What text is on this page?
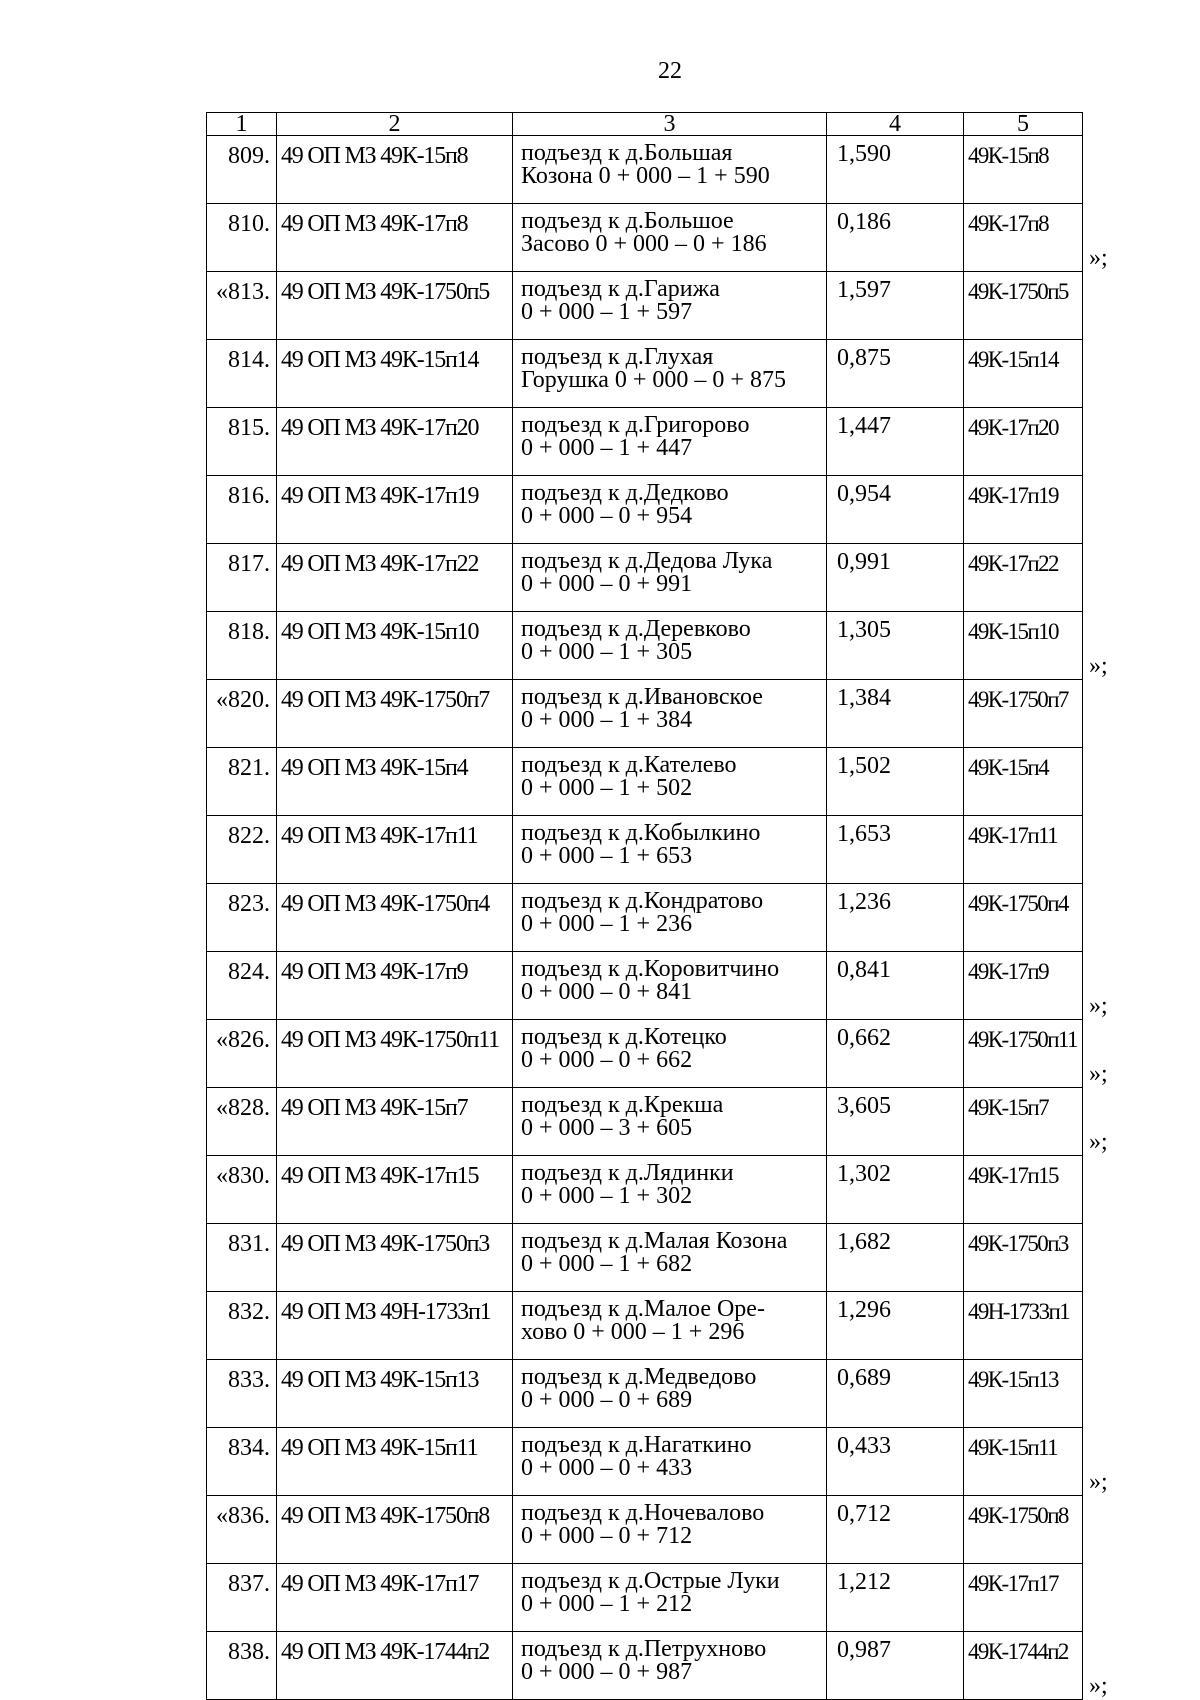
22
1	2	3	4	5	
809.	49 ОП МЗ 49К-15п8	подъезд к д.Большая
Козона 0 + 000 – 1 + 590	1,590	49К-15п8	
810.	49 ОП МЗ 49К-17п8	подъезд к д.Большое
Засово 0 + 000 – 0 + 186	0,186	49К-17п8	»;

«813.	49 ОП МЗ 49К-1750п5	подъезд к д.Гарижа
0 + 000 – 1 + 597	1,597	49К-1750п5	
814.	49 ОП МЗ 49К-15п14	подъезд к д.Глухая
Горушка 0 + 000 – 0 + 875	0,875	49К-15п14	
815.	49 ОП МЗ 49К-17п20	подъезд к д.Григорово
0 + 000 – 1 + 447	1,447	49К-17п20	
816.	49 ОП МЗ 49К-17п19	подъезд к д.Дедково
0 + 000 – 0 + 954	0,954	49К-17п19	
817.	49 ОП МЗ 49К-17п22	подъезд к д.Дедова Лука
0 + 000 – 0 + 991	0,991	49К-17п22	
818.	49 ОП МЗ 49К-15п10	подъезд к д.Деревково
0 + 000 – 1 + 305	1,305	49К-15п10	»;

«820.	49 ОП МЗ 49К-1750п7	подъезд к д.Ивановское
0 + 000 – 1 + 384	1,384	49К-1750п7	
821.	49 ОП МЗ 49К-15п4	подъезд к д.Кателево
0 + 000 – 1 + 502	1,502	49К-15п4	
822.	49 ОП МЗ 49К-17п11	подъезд к д.Кобылкино
0 + 000 – 1 + 653	1,653	49К-17п11	
823.	49 ОП МЗ 49К-1750п4	подъезд к д.Кондратово
0 + 000 – 1 + 236	1,236	49К-1750п4	
824.	49 ОП МЗ 49К-17п9	подъезд к д.Коровитчино
0 + 000 – 0 + 841	0,841	49К-17п9	»;

«826.	49 ОП МЗ 49К-1750п11	подъезд к д.Котецко
0 + 000 – 0 + 662	0,662	49К-1750п11	»;

«828.	49 ОП МЗ 49К-15п7	подъезд к д.Крекша
0 + 000 – 3 + 605	3,605	49К-15п7	»;

«830.	49 ОП МЗ 49К-17п15	подъезд к д.Лядинки
0 + 000 – 1 + 302	1,302	49К-17п15	
831.	49 ОП МЗ 49К-1750п3	подъезд к д.Малая Козона
0 + 000 – 1 + 682	1,682	49К-1750п3	
832.	49 ОП МЗ 49Н-1733п1	подъезд к д.Малое Оре-
хово 0 + 000 – 1 + 296	1,296	49Н-1733п1	
833.	49 ОП МЗ 49К-15п13	подъезд к д.Медведово
0 + 000 – 0 + 689	0,689	49К-15п13	
834.	49 ОП МЗ 49К-15п11	подъезд к д.Нагаткино
0 + 000 – 0 + 433	0,433	49К-15п11	»;

«836.	49 ОП МЗ 49К-1750п8	подъезд к д.Ночевалово
0 + 000 – 0 + 712	0,712	49К-1750п8	
837.	49 ОП МЗ 49К-17п17	подъезд к д.Острые Луки
0 + 000 – 1 + 212	1,212	49К-17п17	
838.	49 ОП МЗ 49К-1744п2	подъезд к д.Петрухново
0 + 000 – 0 + 987	0,987	49К-1744п2	»;
